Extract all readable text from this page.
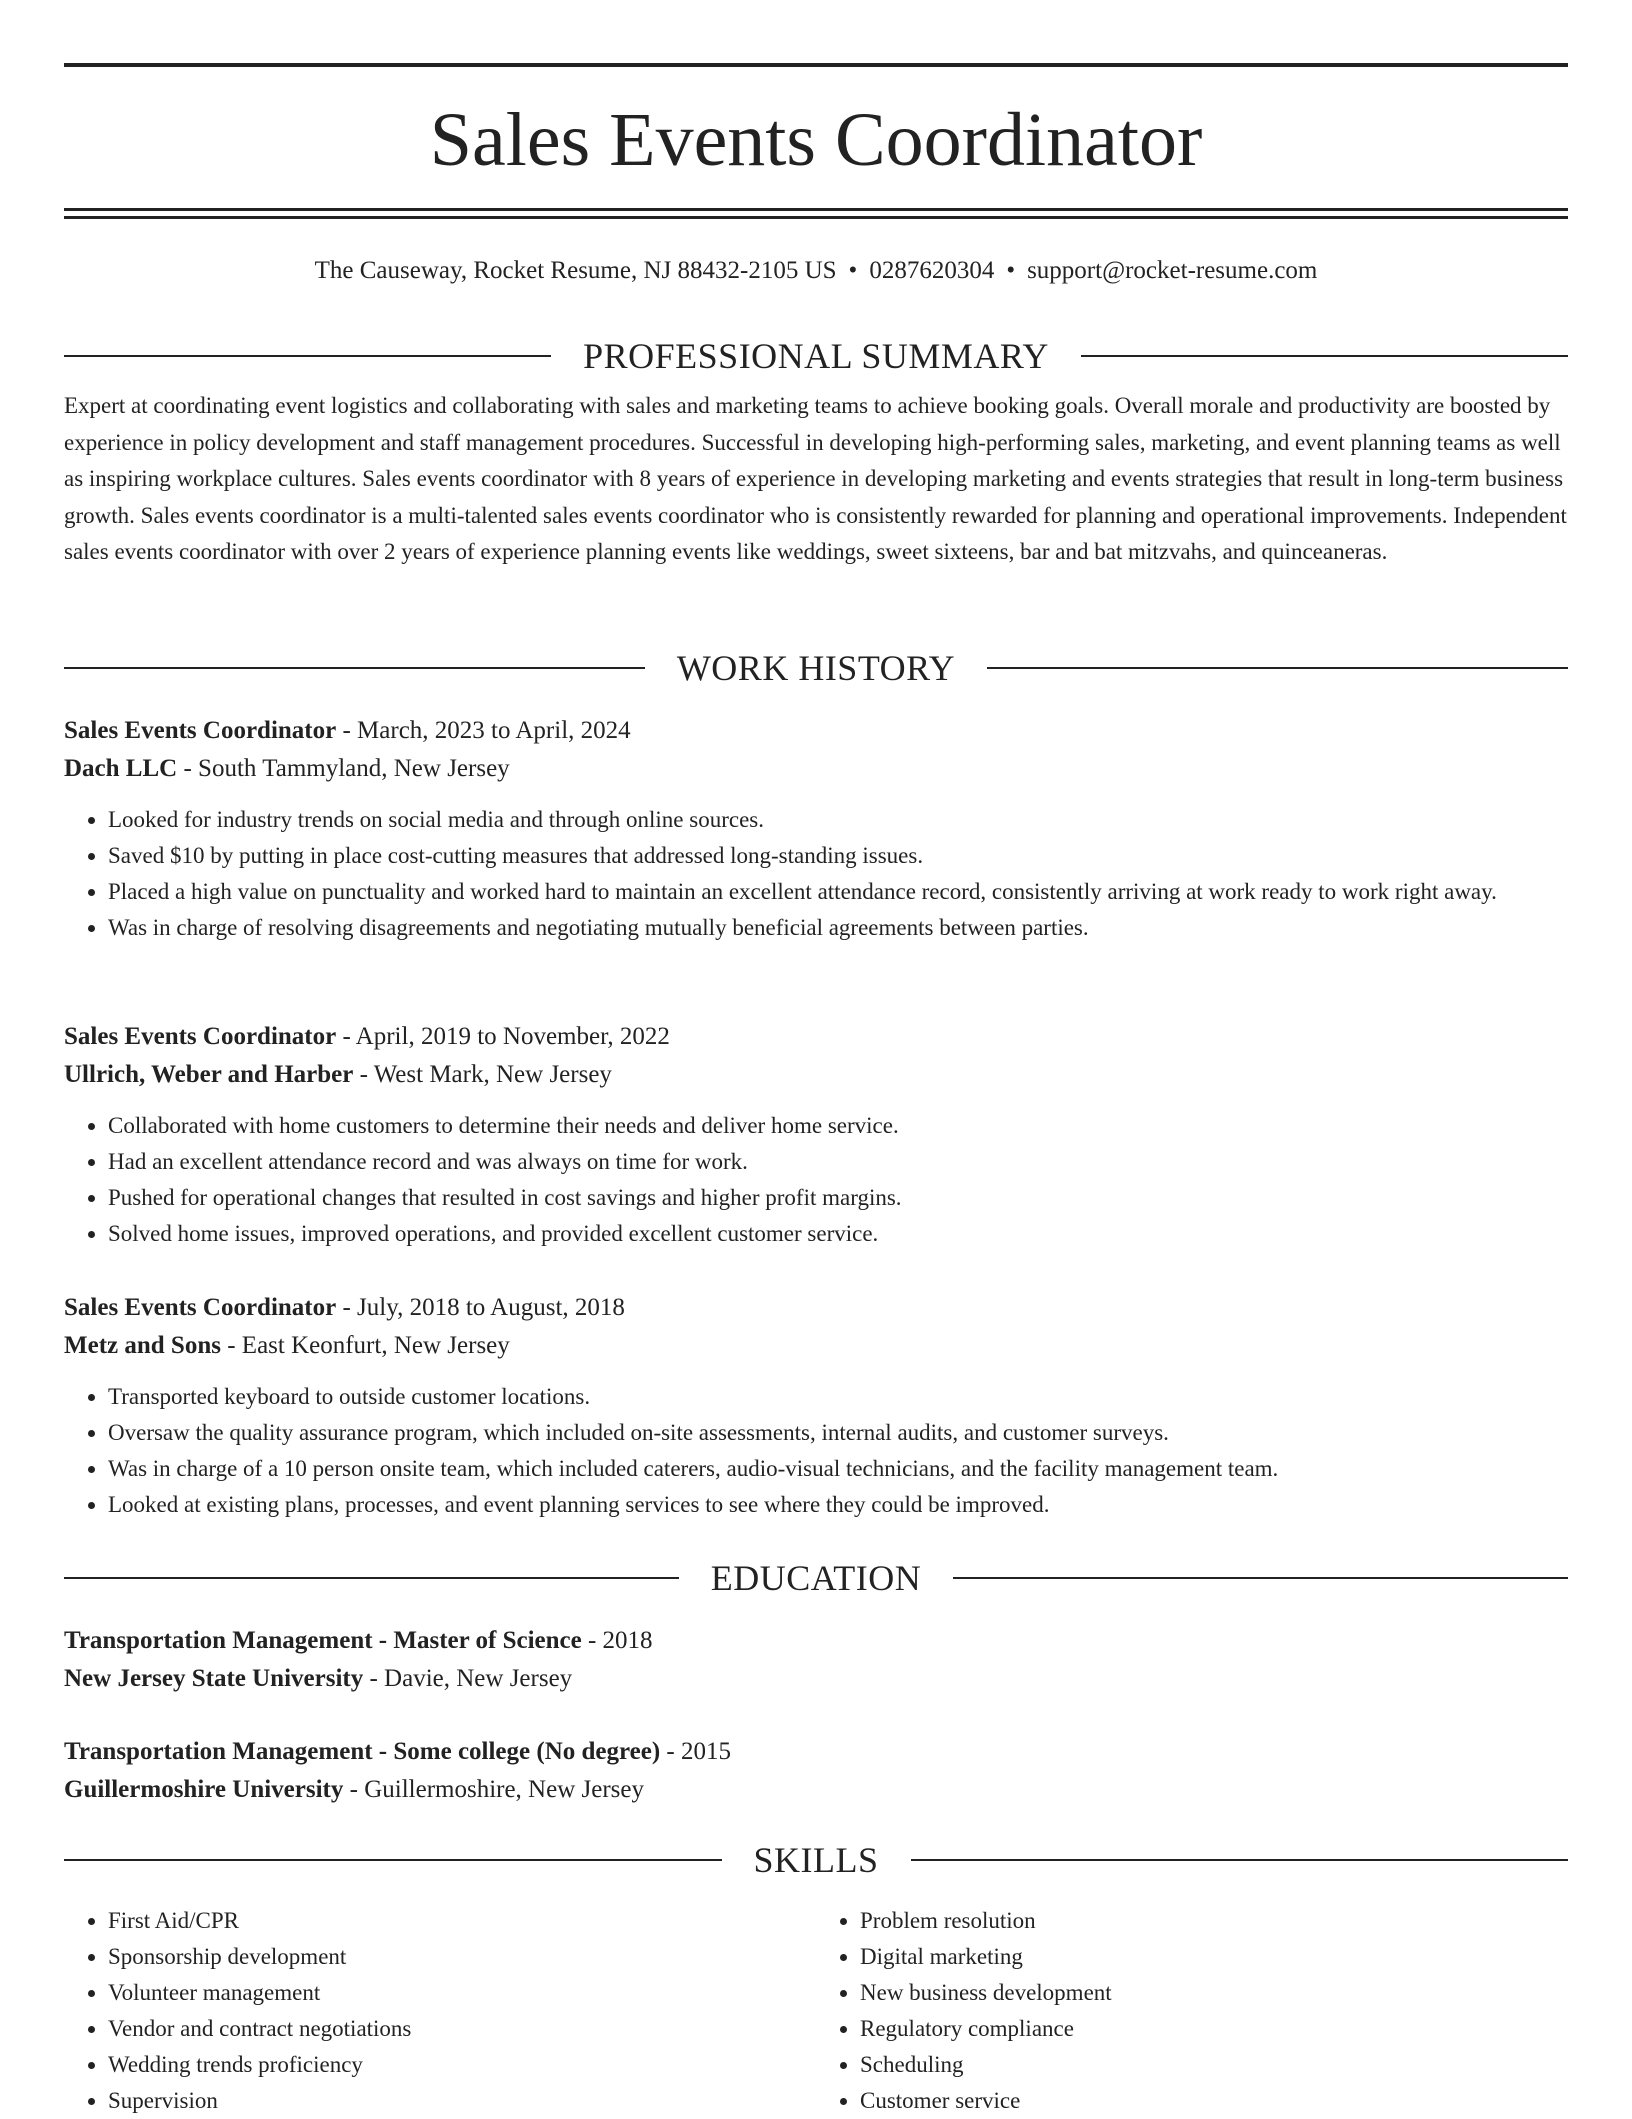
Sales Events Coordinator
The Causeway, Rocket Resume, NJ 88432-2105 US • 0287620304 • support@rocket-resume.com
PROFESSIONAL SUMMARY

Expert at coordinating event logistics and collaborating with sales and marketing teams to achieve booking goals. Overall morale and productivity are boosted by experience in policy development and staff management procedures. Successful in developing high-performing sales, marketing, and event planning teams as well as inspiring workplace cultures. Sales events coordinator with 8 years of experience in developing marketing and events strategies that result in long-term business growth. Sales events coordinator is a multi-talented sales events coordinator who is consistently rewarded for planning and operational improvements. Independent sales events coordinator with over 2 years of experience planning events like weddings, sweet sixteens, bar and bat mitzvahs, and quinceaneras.

WORK HISTORY

Sales Events Coordinator - March, 2023 to April, 2024

Dach LLC - South Tammyland, New Jersey

• Looked for industry trends on social media and through online sources.
• Saved $10 by putting in place cost-cutting measures that addressed long-standing issues.
• Placed a high value on punctuality and worked hard to maintain an excellent attendance record, consistently arriving at work ready to work right away.
• Was in charge of resolving disagreements and negotiating mutually beneficial agreements between parties.

Sales Events Coordinator - April, 2019 to November, 2022

Ullrich, Weber and Harber - West Mark, New Jersey

• Collaborated with home customers to determine their needs and deliver home service.
• Had an excellent attendance record and was always on time for work.
• Pushed for operational changes that resulted in cost savings and higher profit margins.
• Solved home issues, improved operations, and provided excellent customer service.

Sales Events Coordinator - July, 2018 to August, 2018

Metz and Sons - East Keonfurt, New Jersey

• Transported keyboard to outside customer locations.
• Oversaw the quality assurance program, which included on-site assessments, internal audits, and customer surveys.
• Was in charge of a 10 person onsite team, which included caterers, audio-visual technicians, and the facility management team.
• Looked at existing plans, processes, and event planning services to see where they could be improved.
EDUCATION

Transportation Management - Master of Science - 2018

New Jersey State University - Davie, New Jersey

Transportation Management - Some college (No degree) - 2015

Guillermoshire University - Guillermoshire, New Jersey

SKILLS
• First Aid/CPR
• Sponsorship development
• Volunteer management
• Vendor and contract negotiations
• Wedding trends proficiency
• Supervision
• Problem resolution
• Digital marketing
• New business development
• Regulatory compliance
• Scheduling
• Customer service
